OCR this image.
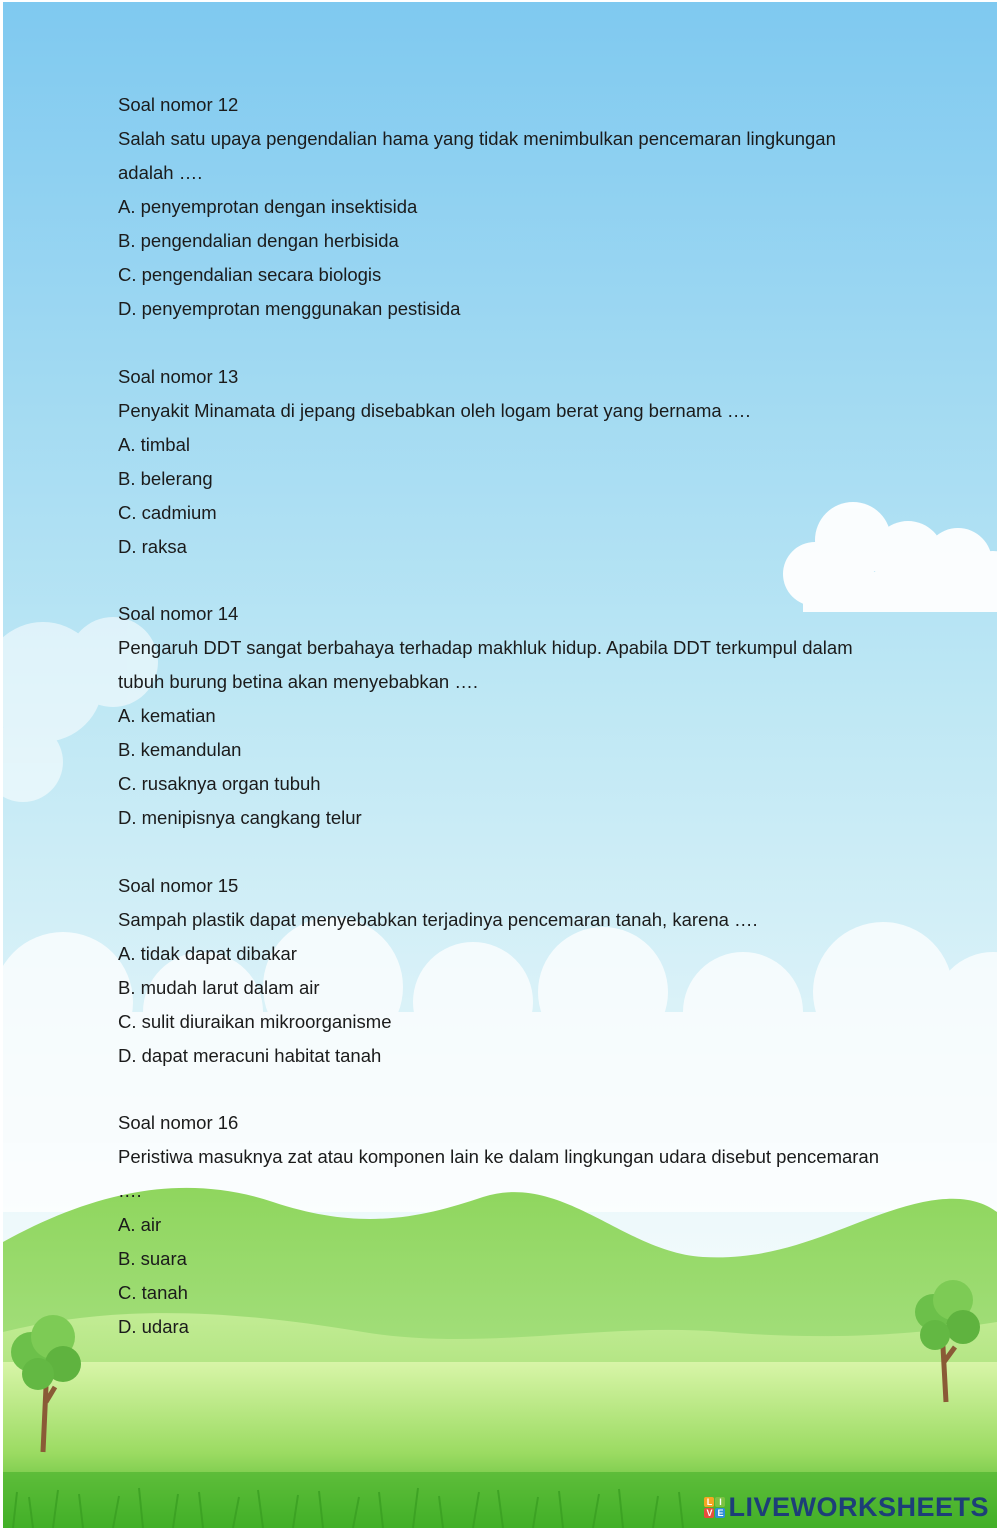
Soal nomor 12
Salah satu upaya pengendalian hama yang tidak menimbulkan pencemaran lingkungan
adalah ….
A. penyemprotan dengan insektisida
B. pengendalian dengan herbisida
C. pengendalian secara biologis
D. penyemprotan menggunakan pestisida
Soal nomor 13
Penyakit Minamata di jepang disebabkan oleh logam berat yang bernama ….
A. timbal
B. belerang
C. cadmium
D. raksa
Soal nomor 14
Pengaruh DDT sangat berbahaya terhadap makhluk hidup. Apabila DDT terkumpul dalam
tubuh burung betina akan menyebabkan ….
A. kematian
B. kemandulan
C. rusaknya organ tubuh
D. menipisnya cangkang telur
Soal nomor 15
Sampah plastik dapat menyebabkan terjadinya pencemaran tanah, karena ….
A. tidak dapat dibakar
B. mudah larut dalam air
C. sulit diuraikan mikroorganisme
D. dapat meracuni habitat tanah
Soal nomor 16
Peristiwa masuknya zat atau komponen lain ke dalam lingkungan udara disebut pencemaran
….
A. air
B. suara
C. tanah
D. udara
L I
V E LIVEWORKSHEETS
